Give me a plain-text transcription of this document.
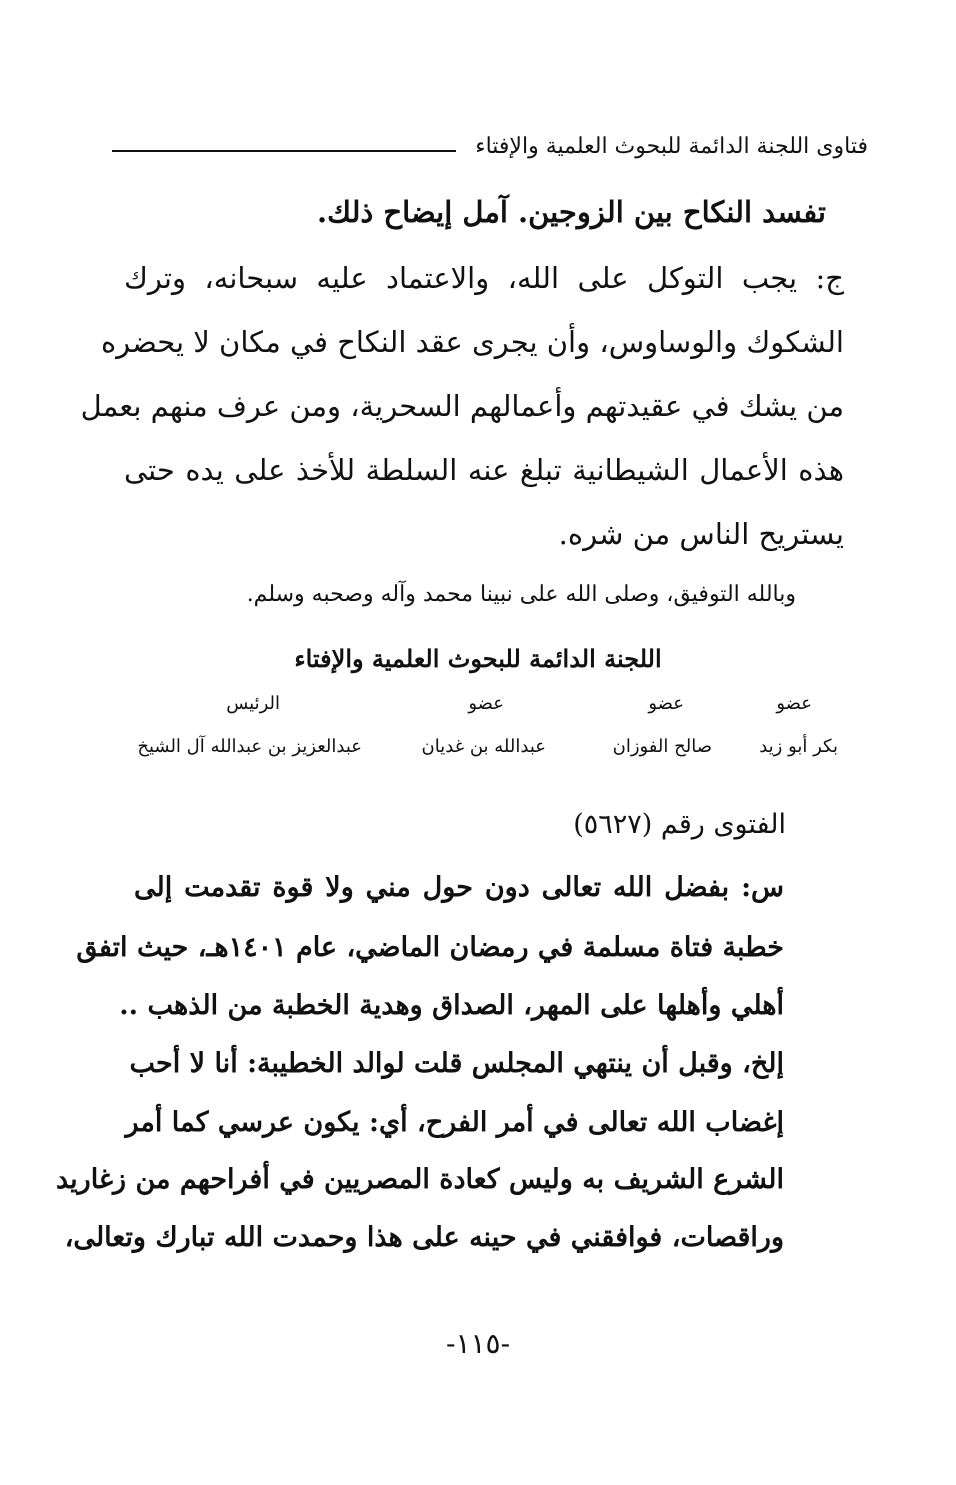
فتاوى اللجنة الدائمة للبحوث العلمية والإفتاء
تفسد النكاح بين الزوجين. آمل إيضاح ذلك.
ج: يجب التوكل على الله، والاعتماد عليه سبحانه، وترك
الشكوك والوساوس، وأن يجرى عقد النكاح في مكان لا يحضره
من يشك في عقيدتهم وأعمالهم السحرية، ومن عرف منهم بعمل
هذه الأعمال الشيطانية تبلغ عنه السلطة للأخذ على يده حتى
يستريح الناس من شره.
وبالله التوفيق، وصلى الله على نبينا محمد وآله وصحبه وسلم.
اللجنة الدائمة للبحوث العلمية والإفتاء
عضو
عضو
عضو
الرئيس
بكر أبو زيد
صالح الفوزان
عبدالله بن غديان
عبدالعزيز بن عبدالله آل الشيخ
الفتوى رقم (٥٦٢٧)
س: بفضل الله تعالى دون حول مني ولا قوة تقدمت إلى
خطبة فتاة مسلمة في رمضان الماضي، عام ١٤٠١هـ، حيث اتفق
أهلي وأهلها على المهر، الصداق وهدية الخطبة من الذهب ..
إلخ، وقبل أن ينتهي المجلس قلت لوالد الخطيبة: أنا لا أحب
إغضاب الله تعالى في أمر الفرح، أي: يكون عرسي كما أمر
الشرع الشريف به وليس كعادة المصريين في أفراحهم من زغاريد
وراقصات، فوافقني في حينه على هذا وحمدت الله تبارك وتعالى،
-١١٥-
